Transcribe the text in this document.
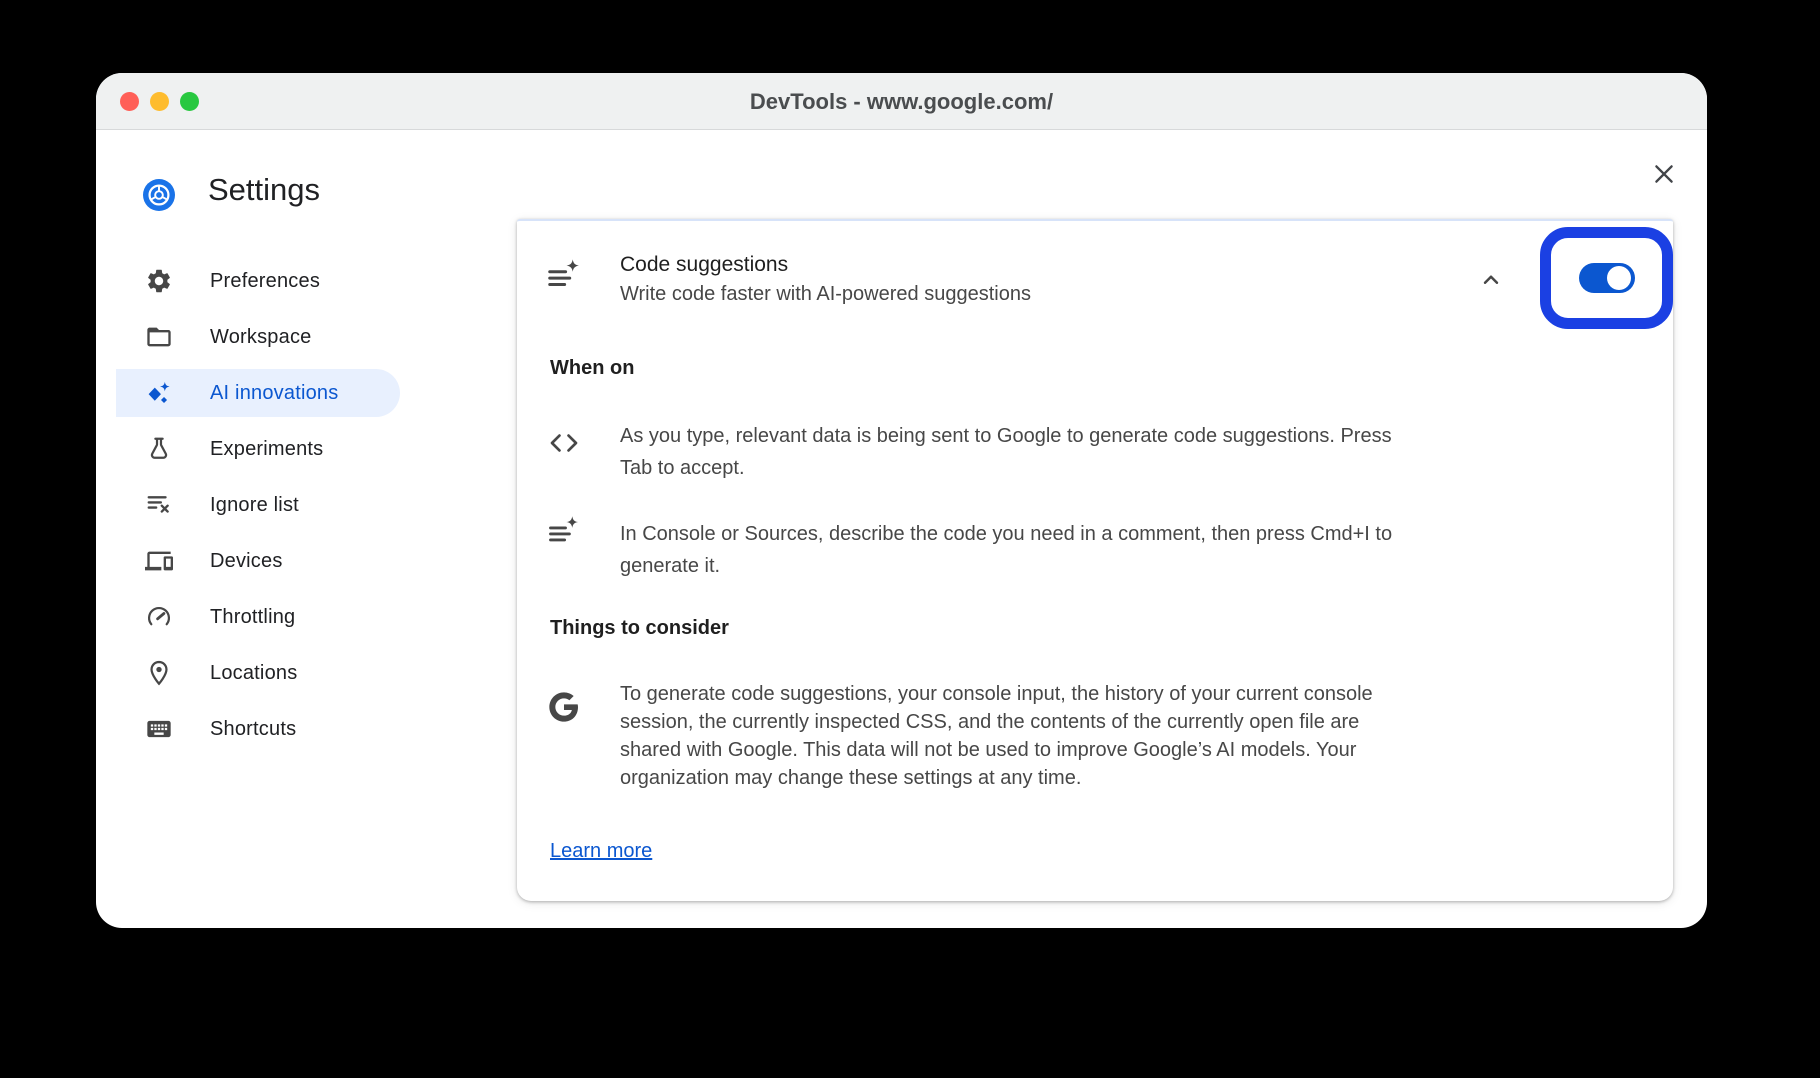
DevTools - www.google.com/
Settings
Preferences
Workspace
AI innovations
Experiments
Ignore list
Devices
Throttling
Locations
Shortcuts
Code suggestions
Write code faster with AI-powered suggestions
When on
As you type, relevant data is being sent to Google to generate code suggestions. Press
Tab to accept.
In Console or Sources, describe the code you need in a comment, then press Cmd+I to
generate it.
Things to consider
To generate code suggestions, your console input, the history of your current console
session, the currently inspected CSS, and the contents of the currently open file are
shared with Google. This data will not be used to improve Google’s AI models. Your
organization may change these settings at any time.
Learn more
